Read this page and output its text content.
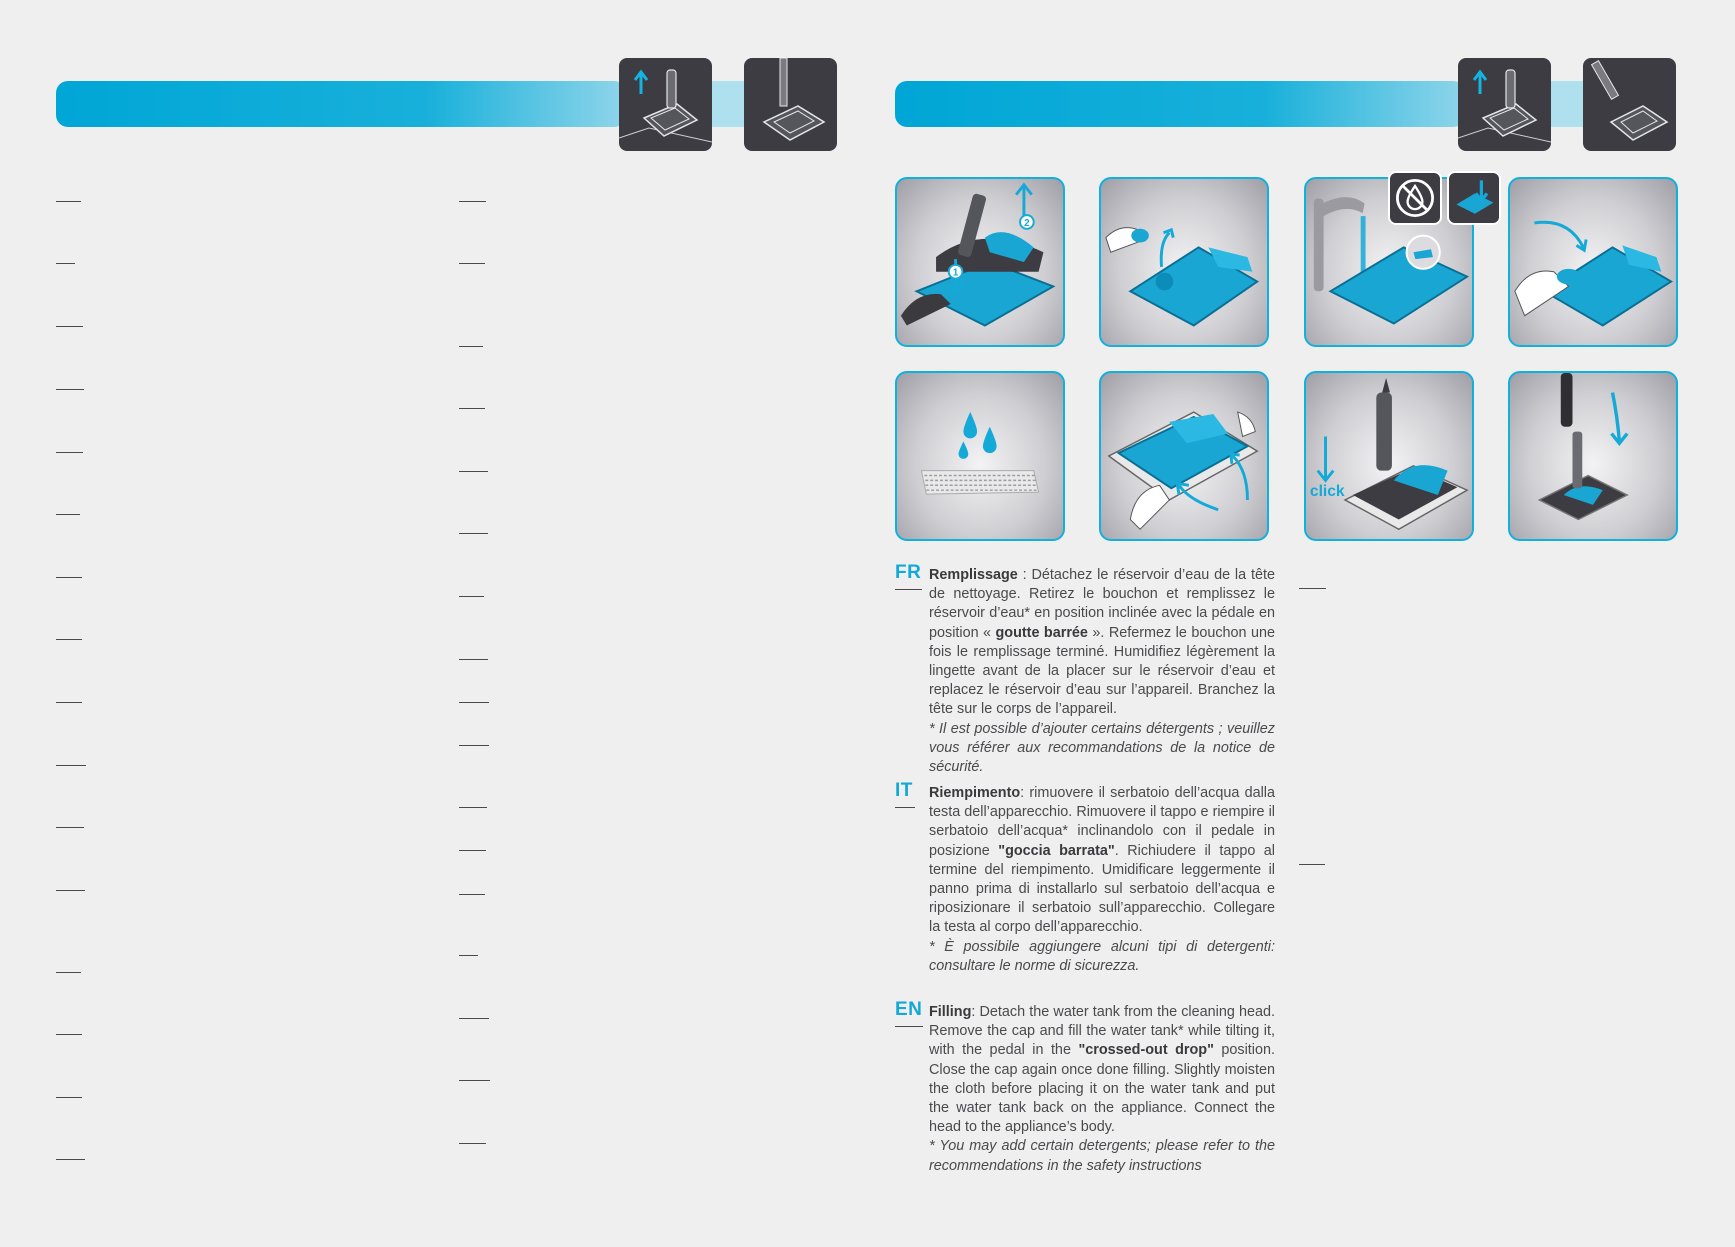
2
1
click
FR Remplissage : Détachez le réservoir d’eau de la tête de nettoyage. Retirez le bouchon et remplissez le réservoir d’eau* en position inclinée avec la pédale en position « goutte barrée ». Refermez le bouchon une fois le remplissage terminé. Humidifiez légèrement la lingette avant de la placer sur le réservoir d’eau et replacez le réservoir d’eau sur l’appareil. Branchez la tête sur le corps de l’appareil.
* Il est possible d’ajouter certains détergents ; veuillez vous référer aux recommandations de la notice de sécurité.
IT Riempimento: rimuovere il serbatoio dell’acqua dalla testa dell’apparecchio. Rimuovere il tappo e riempire il serbatoio dell’acqua* inclinandolo con il pedale in posizione "goccia barrata". Richiudere il tappo al termine del riempimento. Umidificare leggermente il panno prima di installarlo sul serbatoio dell’acqua e riposizionare il serbatoio sull’apparecchio. Collegare la testa al corpo dell’apparecchio.
* È possibile aggiungere alcuni tipi di detergenti: consultare le norme di sicurezza.
EN Filling: Detach the water tank from the cleaning head. Remove the cap and fill the water tank* while tilting it, with the pedal in the "crossed-out drop" position. Close the cap again once done filling. Slightly moisten the cloth before placing it on the water tank and put the water tank back on the appliance. Connect the head to the appliance’s body.
* You may add certain detergents; please refer to the recommendations in the safety instructions
